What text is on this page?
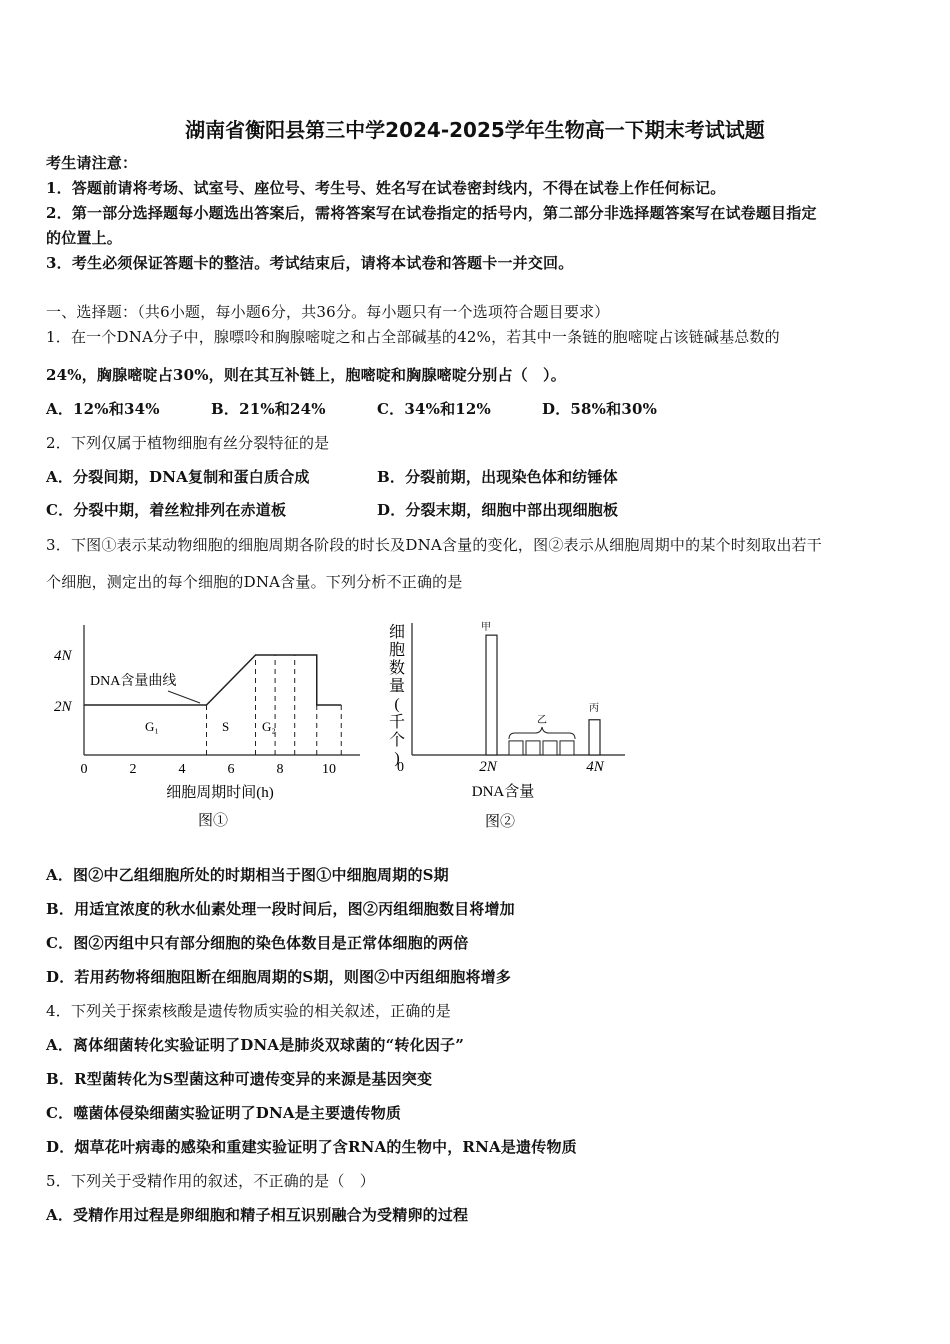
湖南省衡阳县第三中学2024-2025学年生物高一下期末考试试题
考生请注意：
1．答题前请将考场、试室号、座位号、考生号、姓名写在试卷密封线内，不得在试卷上作任何标记。
2．第一部分选择题每小题选出答案后，需将答案写在试卷指定的括号内，第二部分非选择题答案写在试卷题目指定
的位置上。
3．考生必须保证答题卡的整洁。考试结束后，请将本试卷和答题卡一并交回。
一、选择题：（共6小题，每小题6分，共36分。每小题只有一个选项符合题目要求）
1．在一个DNA分子中，腺嘌呤和胸腺嘧啶之和占全部碱基的42%，若其中一条链的胞嘧啶占该链碱基总数的
24%，胸腺嘧啶占30%，则在其互补链上，胞嘧啶和胸腺嘧啶分别占（　）。
A．12%和34%	B．21%和24%	C．34%和12%	D．58%和30%
2．下列仅属于植物细胞有丝分裂特征的是
A．分裂间期，DNA复制和蛋白质合成	B．分裂前期，出现染色体和纺锤体
C．分裂中期，着丝粒排列在赤道板	D．分裂末期，细胞中部出现细胞板
3．下图①表示某动物细胞的细胞周期各阶段的时长及DNA含量的变化，图②表示从细胞周期中的某个时刻取出若干
个细胞，测定出的每个细胞的DNA含量。下列分析不正确的是
4N
2N
DNA含量曲线
G₁	S	G₂
0	2	4	6	8	10
细胞周期时间(h)
图①
细
胞
数
量
(
千
个
)
甲
乙
丙
0	2N	4N
DNA含量
图②
A．图②中乙组细胞所处的时期相当于图①中细胞周期的S期
B．用适宜浓度的秋水仙素处理一段时间后，图②丙组细胞数目将增加
C．图②丙组中只有部分细胞的染色体数目是正常体细胞的两倍
D．若用药物将细胞阻断在细胞周期的S期，则图②中丙组细胞将增多
4．下列关于探索核酸是遗传物质实验的相关叙述，正确的是
A．离体细菌转化实验证明了DNA是肺炎双球菌的“转化因子”
B．R型菌转化为S型菌这种可遗传变异的来源是基因突变
C．噬菌体侵染细菌实验证明了DNA是主要遗传物质
D．烟草花叶病毒的感染和重建实验证明了含RNA的生物中，RNA是遗传物质
5．下列关于受精作用的叙述，不正确的是（　）
A．受精作用过程是卵细胞和精子相互识别融合为受精卵的过程
